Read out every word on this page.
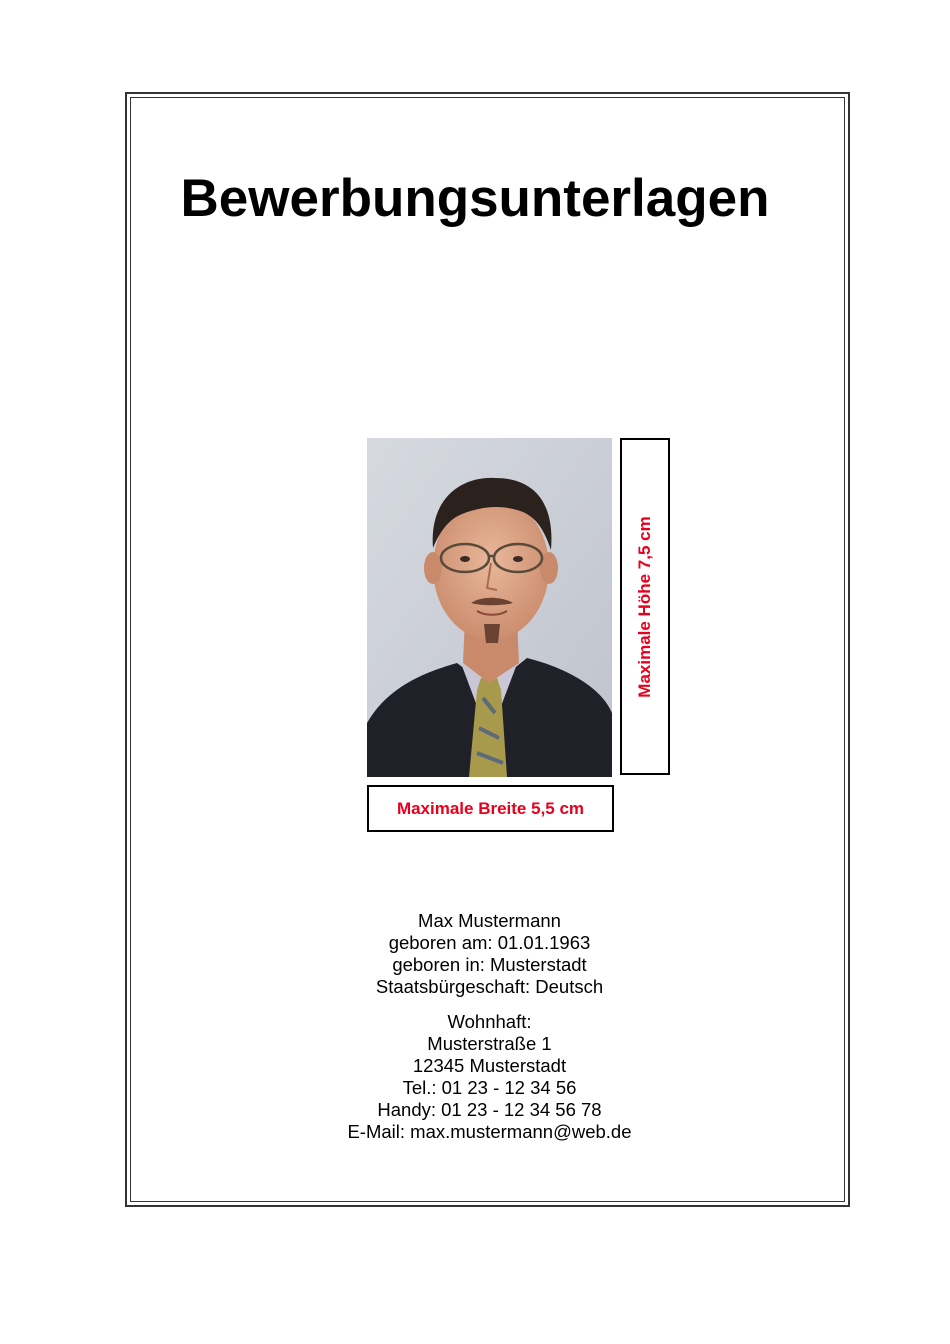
Bewerbungsunterlagen
Maximale Höhe 7,5 cm
Maximale Breite 5,5 cm
Max Mustermann
geboren am: 01.01.1963
geboren in: Musterstadt
Staatsbürgeschaft: Deutsch
Wohnhaft:
Musterstraße 1
12345 Musterstadt
Tel.: 01 23 - 12 34 56
Handy: 01 23 - 12 34 56 78
E-Mail: max.mustermann@web.de
